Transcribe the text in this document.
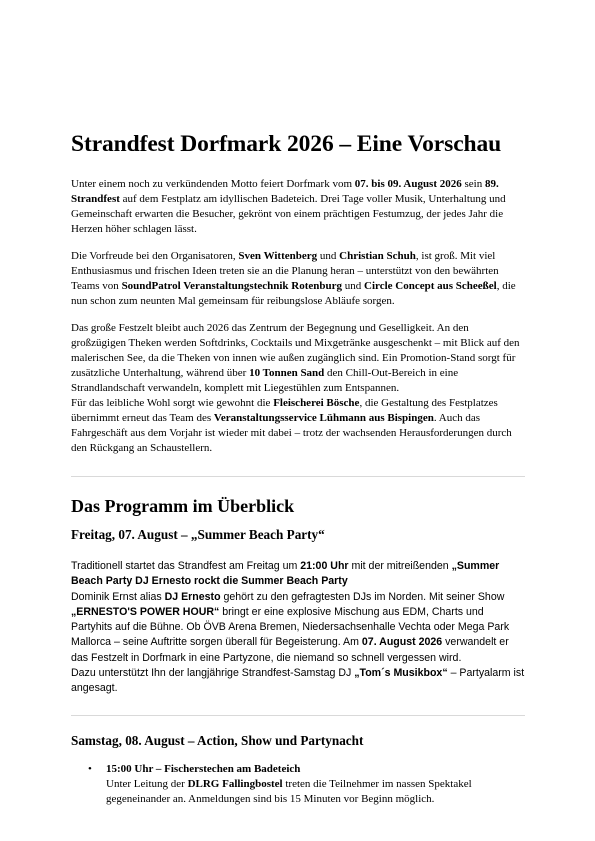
Strandfest Dorfmark 2026 – Eine Vorschau

Unter einem noch zu verkündenden Motto feiert Dorfmark vom 07. bis 09. August 2026 sein 89. Strandfest auf dem Festplatz am idyllischen Badeteich. Drei Tage voller Musik, Unterhaltung und Gemeinschaft erwarten die Besucher, gekrönt von einem prächtigen Festumzug, der jedes Jahr die Herzen höher schlagen lässt.

Die Vorfreude bei den Organisatoren, Sven Wittenberg und Christian Schuh, ist groß. Mit viel Enthusiasmus und frischen Ideen treten sie an die Planung heran – unterstützt von den bewährten Teams von SoundPatrol Veranstaltungstechnik Rotenburg und Circle Concept aus Scheeßel, die nun schon zum neunten Mal gemeinsam für reibungslose Abläufe sorgen.

Das große Festzelt bleibt auch 2026 das Zentrum der Begegnung und Geselligkeit. An den großzügigen Theken werden Softdrinks, Cocktails und Mixgetränke ausgeschenkt – mit Blick auf den malerischen See, da die Theken von innen wie außen zugänglich sind. Ein Promotion-Stand sorgt für zusätzliche Unterhaltung, während über 10 Tonnen Sand den Chill-Out-Bereich in eine Strandlandschaft verwandeln, komplett mit Liegestühlen zum Entspannen.

Für das leibliche Wohl sorgt wie gewohnt die Fleischerei Bösche, die Gestaltung des Festplatzes übernimmt erneut das Team des Veranstaltungsservice Lühmann aus Bispingen. Auch das Fahrgeschäft aus dem Vorjahr ist wieder mit dabei – trotz der wachsenden Herausforderungen durch den Rückgang an Schaustellern.

Das Programm im Überblick
Freitag, 07. August – „Summer Beach Party“

Traditionell startet das Strandfest am Freitag um 21:00 Uhr mit der mitreißenden „Summer Beach Party DJ Ernesto rockt die Summer Beach Party

Dominik Ernst alias DJ Ernesto gehört zu den gefragtesten DJs im Norden. Mit seiner Show „ERNESTO'S POWER HOUR“ bringt er eine explosive Mischung aus EDM, Charts und Partyhits auf die Bühne. Ob ÖVB Arena Bremen, Niedersachsenhalle Vechta oder Mega Park Mallorca – seine Auftritte sorgen überall für Begeisterung. Am 07. August 2026 verwandelt er das Festzelt in Dorfmark in eine Partyzone, die niemand so schnell vergessen wird.

Dazu unterstützt Ihn der langjährige Strandfest-Samstag DJ „Tom´s Musikbox“ – Partyalarm ist angesagt.

Samstag, 08. August – Action, Show und Partynacht
• 15:00 Uhr – Fischerstechen am Badeteich
Unter Leitung der DLRG Fallingbostel treten die Teilnehmer im nassen Spektakel gegeneinander an. Anmeldungen sind bis 15 Minuten vor Beginn möglich.
